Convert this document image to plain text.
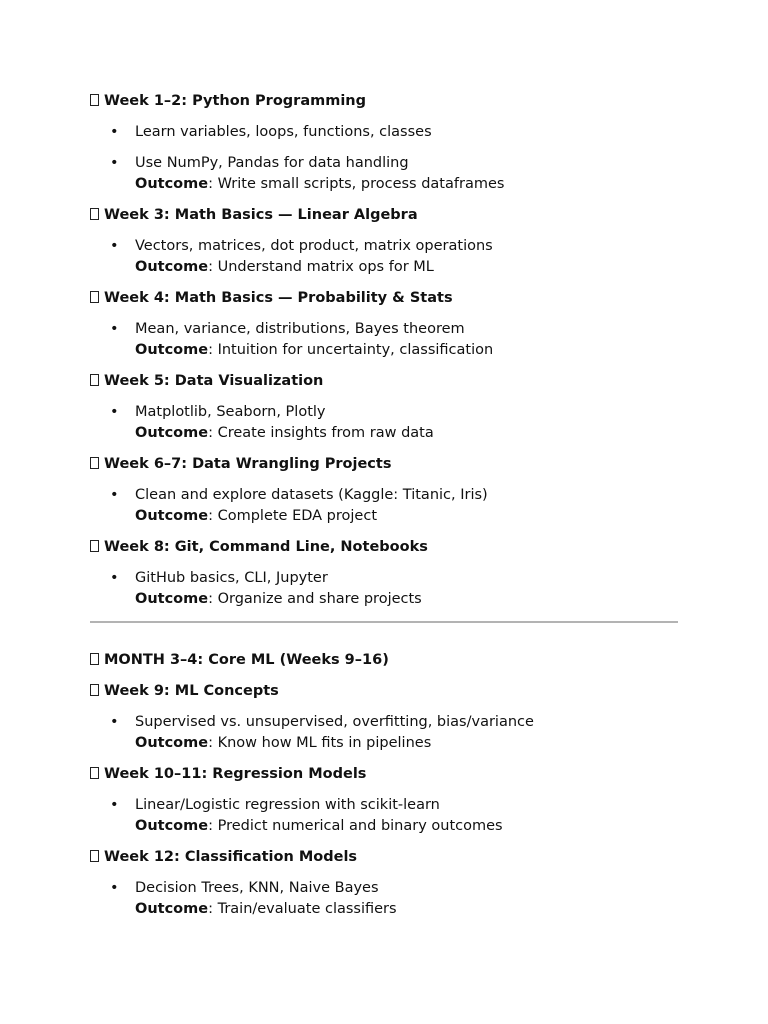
Week 1–2: Python Programming
• Learn variables, loops, functions, classes
• Use NumPy, Pandas for data handling
Outcome: Write small scripts, process dataframes
Week 3: Math Basics — Linear Algebra
• Vectors, matrices, dot product, matrix operations
Outcome: Understand matrix ops for ML
Week 4: Math Basics — Probability & Stats
• Mean, variance, distributions, Bayes theorem
Outcome: Intuition for uncertainty, classification
Week 5: Data Visualization
• Matplotlib, Seaborn, Plotly
Outcome: Create insights from raw data
Week 6–7: Data Wrangling Projects
• Clean and explore datasets (Kaggle: Titanic, Iris)
Outcome: Complete EDA project
Week 8: Git, Command Line, Notebooks
• GitHub basics, CLI, Jupyter
Outcome: Organize and share projects
MONTH 3–4: Core ML (Weeks 9–16)
Week 9: ML Concepts
• Supervised vs. unsupervised, overfitting, bias/variance
Outcome: Know how ML fits in pipelines
Week 10–11: Regression Models
• Linear/Logistic regression with scikit-learn
Outcome: Predict numerical and binary outcomes
Week 12: Classification Models
• Decision Trees, KNN, Naive Bayes
Outcome: Train/evaluate classifiers
